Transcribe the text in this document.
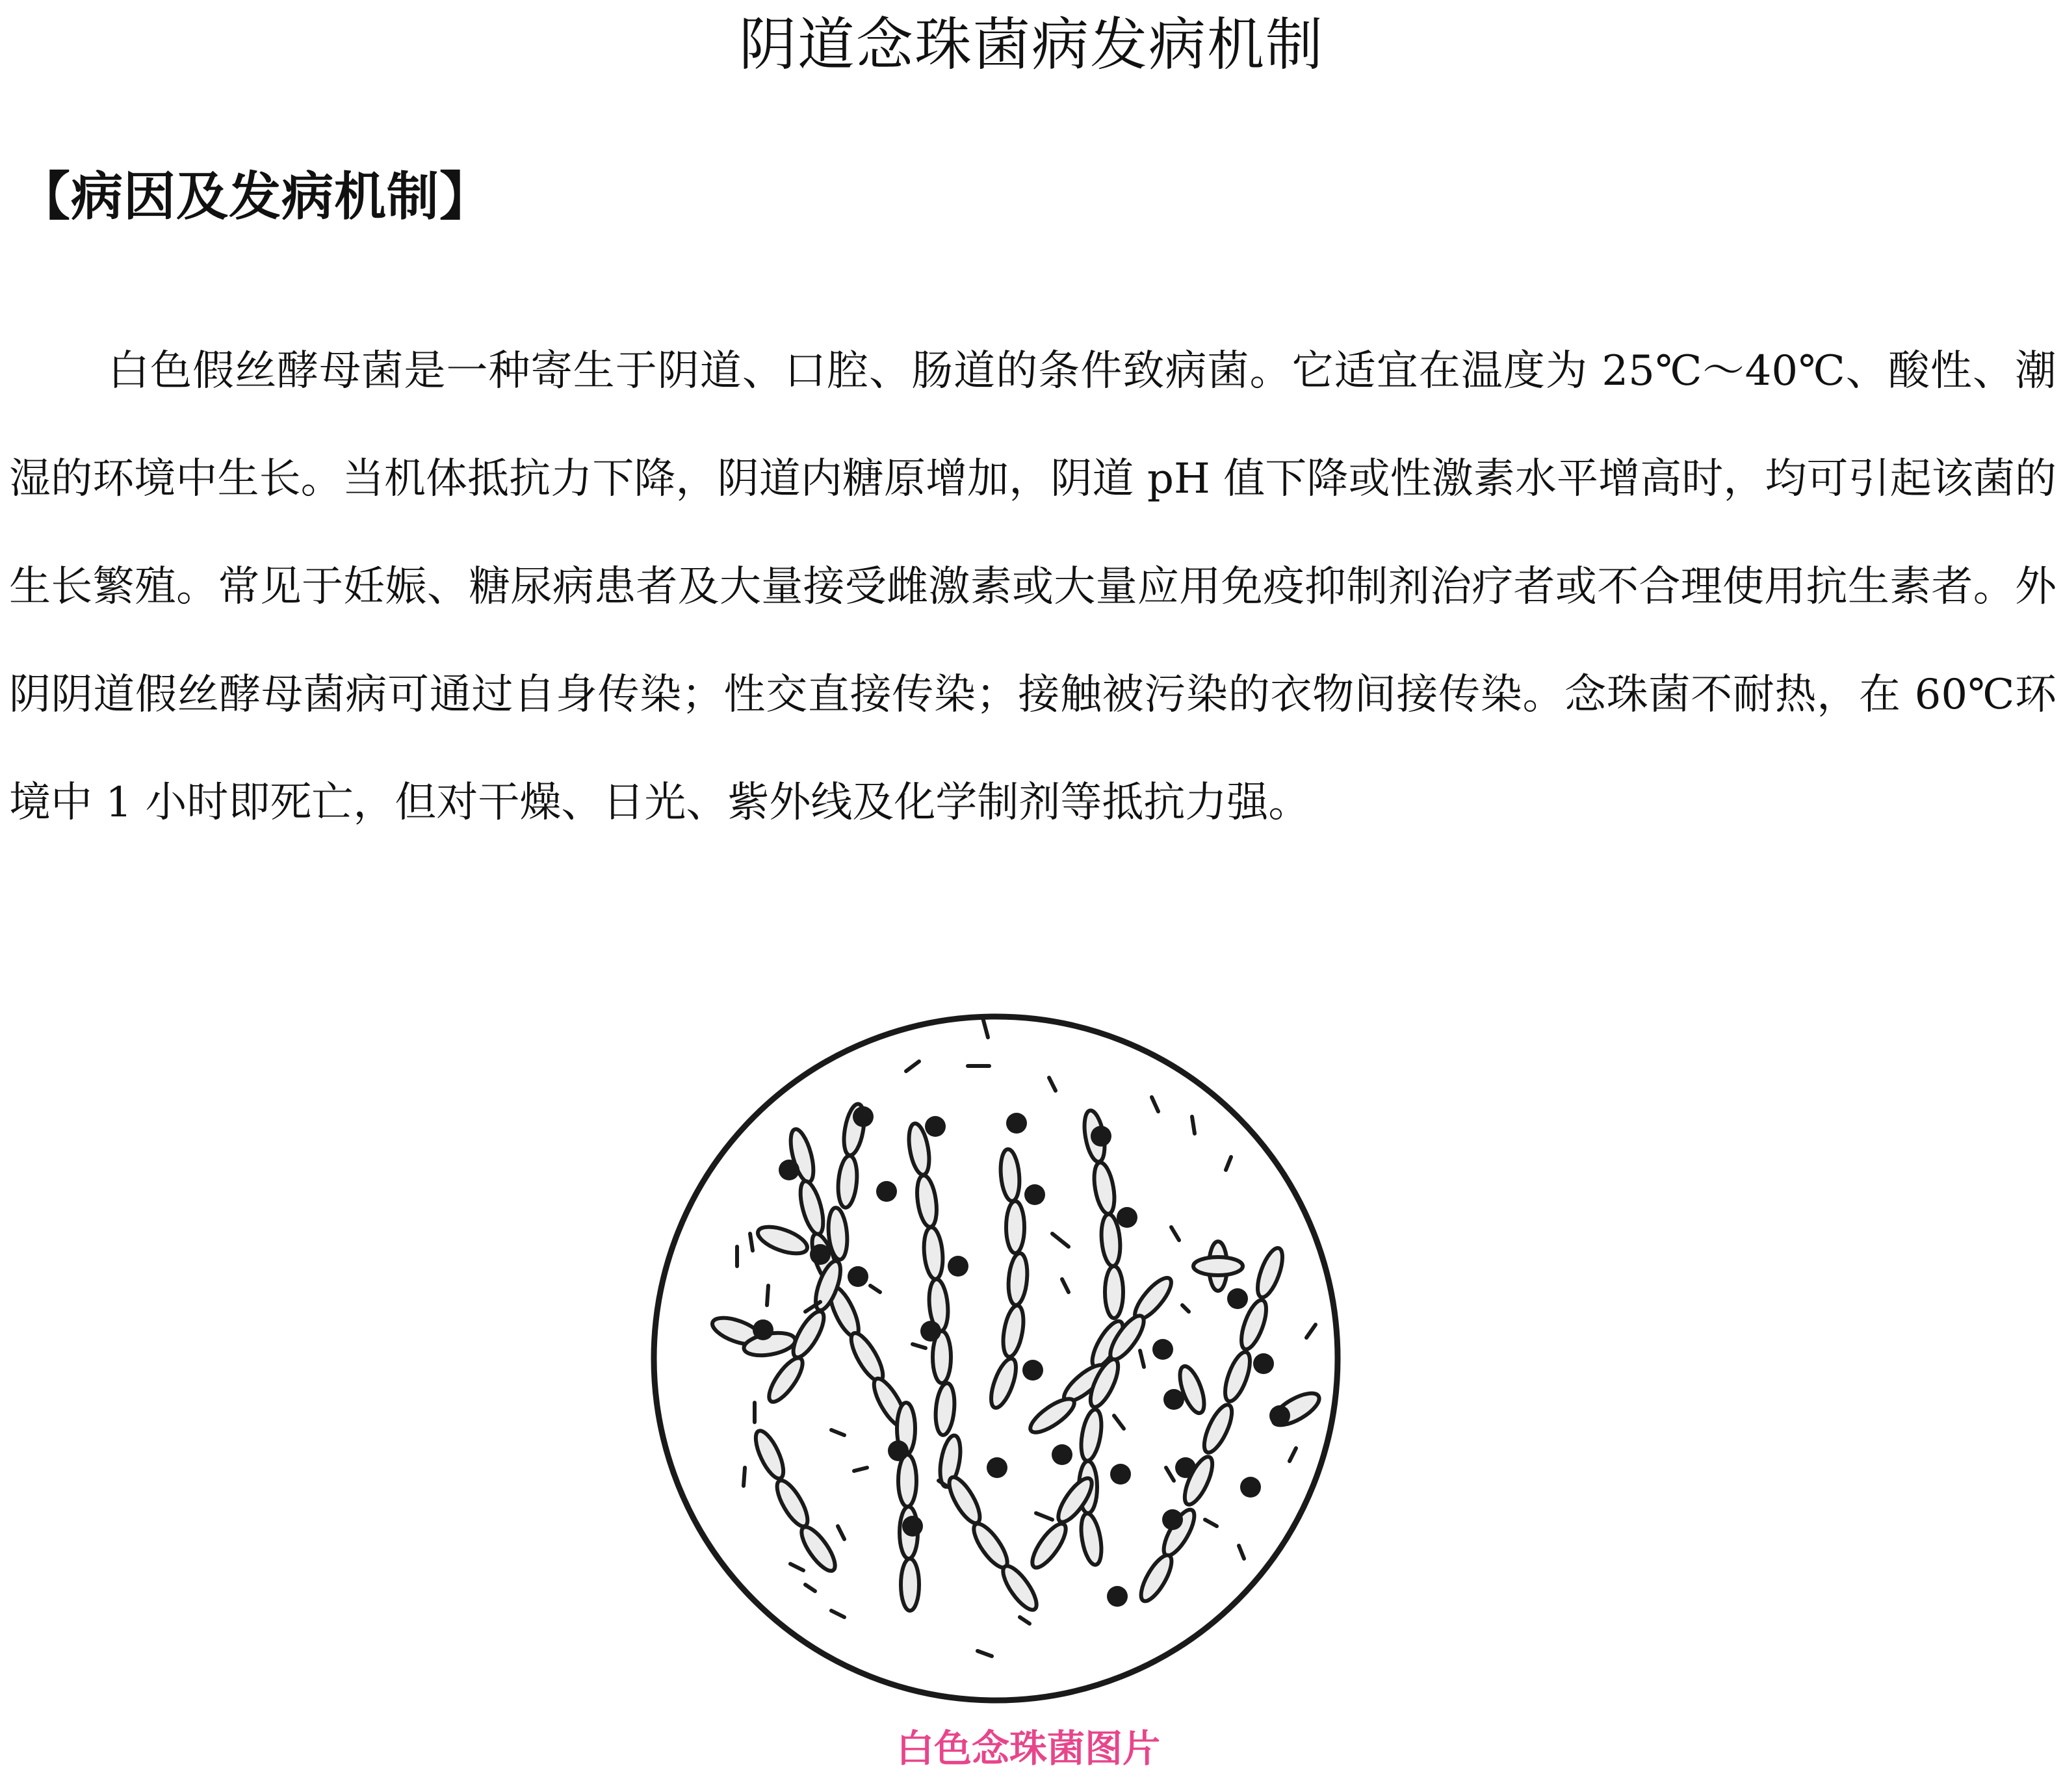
阴道念珠菌病发病机制
【病因及发病机制】

白色假丝酵母菌是一种寄生于阴道、口腔、肠道的条件致病菌。它适宜在温度为 25℃～40℃、酸性、潮湿的环境中生长。当机体抵抗力下降，阴道内糖原增加，阴道 pH 值下降或性激素水平增高时，均可引起该菌的生长繁殖。常见于妊娠、糖尿病患者及大量接受雌激素或大量应用免疫抑制剂治疗者或不合理使用抗生素者。外阴阴道假丝酵母菌病可通过自身传染；性交直接传染；接触被污染的衣物间接传染。念珠菌不耐热，在 60℃环境中 1 小时即死亡，但对干燥、日光、紫外线及化学制剂等抵抗力强。

白色念珠菌图片
